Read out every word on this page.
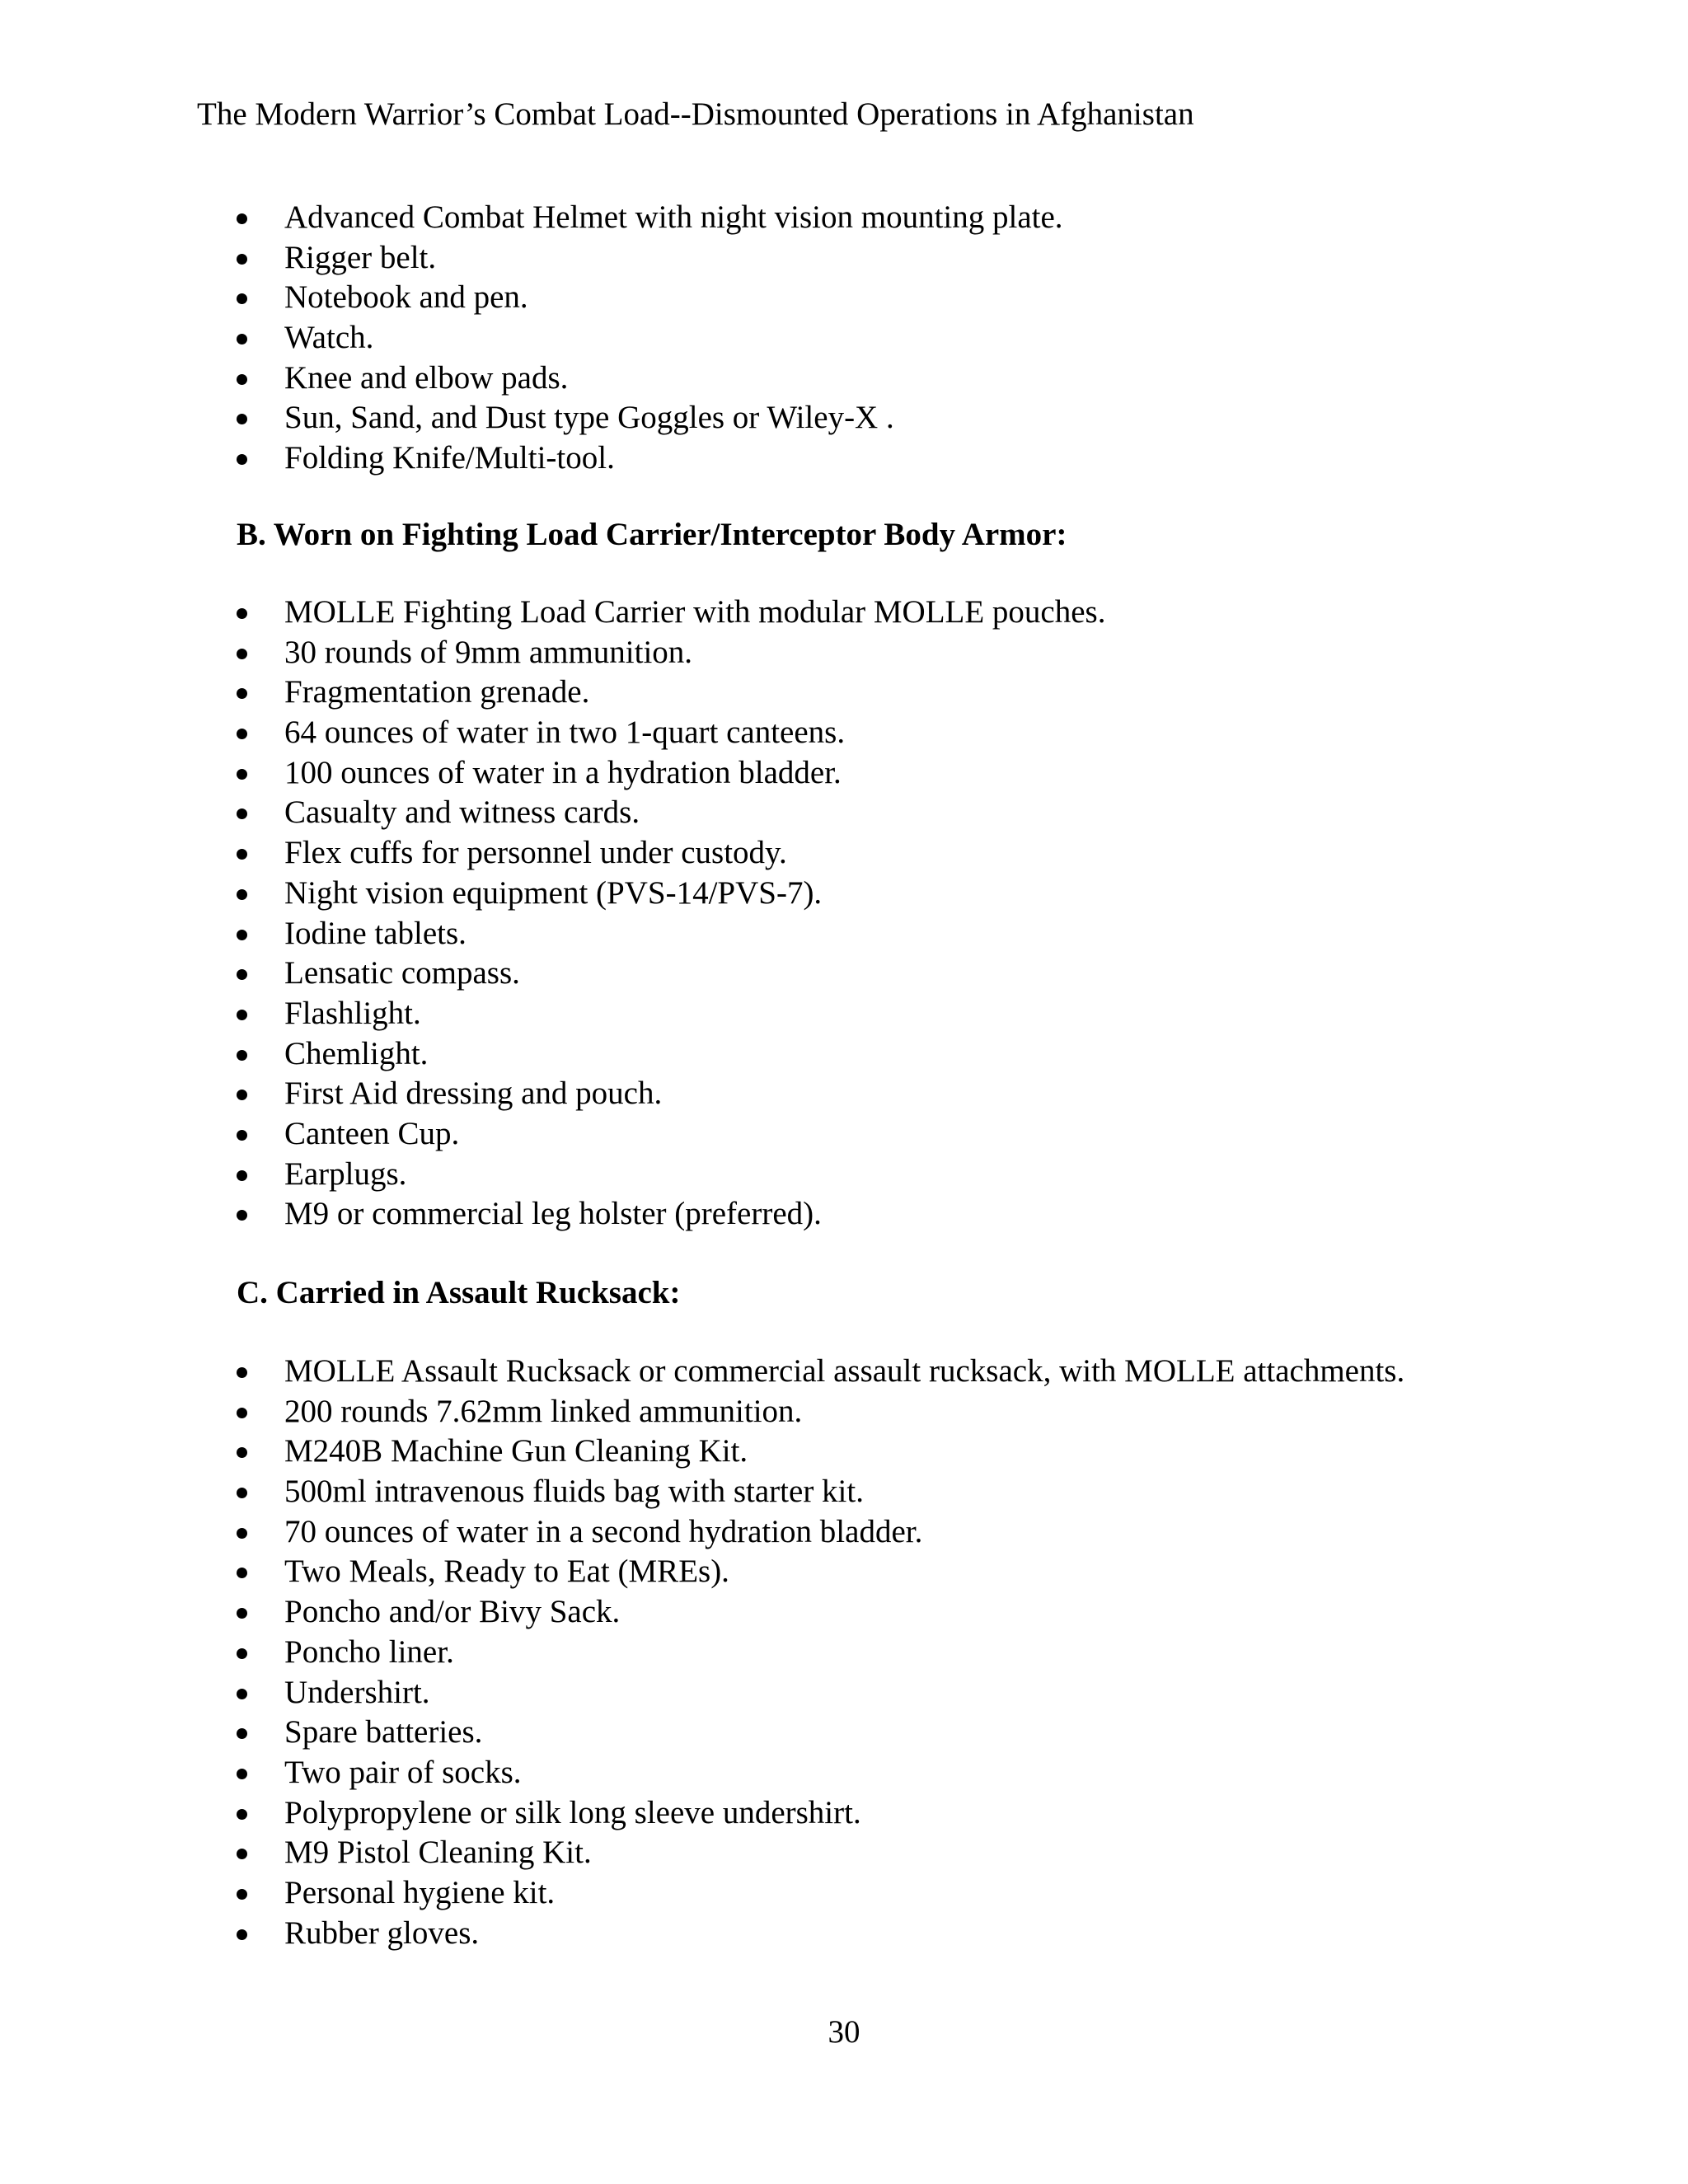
The Modern Warrior’s Combat Load--Dismounted Operations in Afghanistan
Advanced Combat Helmet with night vision mounting plate.
Rigger belt.
Notebook and pen.
Watch.
Knee and elbow pads.
Sun, Sand, and Dust type Goggles or Wiley-X .
Folding Knife/Multi-tool.
B. Worn on Fighting Load Carrier/Interceptor Body Armor:
MOLLE Fighting Load Carrier with modular MOLLE pouches.
30 rounds of 9mm ammunition.
Fragmentation grenade.
64 ounces of water in two 1-quart canteens.
100 ounces of water in a hydration bladder.
Casualty and witness cards.
Flex cuffs for personnel under custody.
Night vision equipment (PVS-14/PVS-7).
Iodine tablets.
Lensatic compass.
Flashlight.
Chemlight.
First Aid dressing and pouch.
Canteen Cup.
Earplugs.
M9 or commercial leg holster (preferred).
C. Carried in Assault Rucksack:
MOLLE Assault Rucksack or commercial assault rucksack, with MOLLE attachments.
200 rounds 7.62mm linked ammunition.
M240B Machine Gun Cleaning Kit.
500ml intravenous fluids bag with starter kit.
70 ounces of water in a second hydration bladder.
Two Meals, Ready to Eat (MREs).
Poncho and/or Bivy Sack.
Poncho liner.
Undershirt.
Spare batteries.
Two pair of socks.
Polypropylene or silk long sleeve undershirt.
M9 Pistol Cleaning Kit.
Personal hygiene kit.
Rubber gloves.
30
